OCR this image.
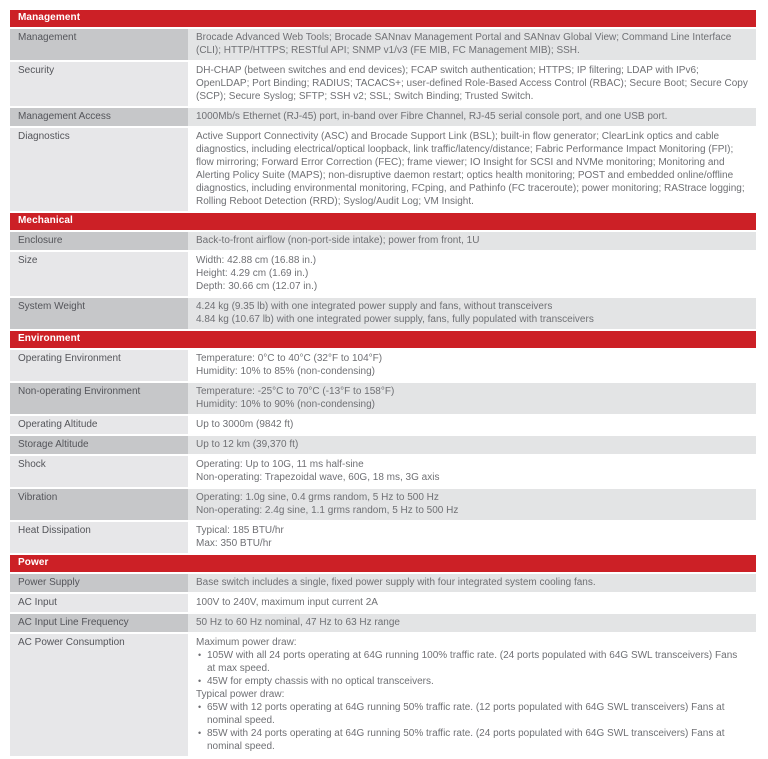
Management
Management	Brocade Advanced Web Tools; Brocade SANnav Management Portal and SANnav Global View; Command Line Interface (CLI); HTTP/HTTPS; RESTful API; SNMP v1/v3 (FE MIB, FC Management MIB); SSH.
Security	DH-CHAP (between switches and end devices); FCAP switch authentication; HTTPS; IP filtering; LDAP with IPv6; OpenLDAP; Port Binding; RADIUS; TACACS+; user-defined Role-Based Access Control (RBAC); Secure Boot; Secure Copy (SCP); Secure Syslog; SFTP; SSH v2; SSL; Switch Binding; Trusted Switch.
Management Access	1000Mb/s Ethernet (RJ-45) port, in-band over Fibre Channel, RJ-45 serial console port, and one USB port.
Diagnostics	Active Support Connectivity (ASC) and Brocade Support Link (BSL); built-in flow generator; ClearLink optics and cable diagnostics, including electrical/optical loopback, link traffic/latency/distance; Fabric Performance Impact Monitoring (FPI); flow mirroring; Forward Error Correction (FEC); frame viewer; IO Insight for SCSI and NVMe monitoring; Monitoring and Alerting Policy Suite (MAPS); non-disruptive daemon restart; optics health monitoring; POST and embedded online/offline diagnostics, including environmental monitoring, FCping, and Pathinfo (FC traceroute); power monitoring; RAStrace logging; Rolling Reboot Detection (RRD); Syslog/Audit Log; VM Insight.
Mechanical
Enclosure	Back-to-front airflow (non-port-side intake); power from front, 1U
Size	Width: 42.88 cm (16.88 in.)
Height: 4.29 cm (1.69 in.)
Depth: 30.66 cm (12.07 in.)
System Weight	4.24 kg (9.35 lb) with one integrated power supply and fans, without transceivers
4.84 kg (10.67 lb) with one integrated power supply, fans, fully populated with transceivers
Environment
Operating Environment	Temperature: 0°C to 40°C (32°F to 104°F)
Humidity: 10% to 85% (non-condensing)
Non-operating Environment	Temperature: -25°C to 70°C (-13°F to 158°F)
Humidity: 10% to 90% (non-condensing)
Operating Altitude	Up to 3000m (9842 ft)
Storage Altitude	Up to 12 km (39,370 ft)
Shock	Operating: Up to 10G, 11 ms half-sine
Non-operating: Trapezoidal wave, 60G, 18 ms, 3G axis
Vibration	Operating: 1.0g sine, 0.4 grms random, 5 Hz to 500 Hz
Non-operating: 2.4g sine, 1.1 grms random, 5 Hz to 500 Hz
Heat Dissipation	Typical: 185 BTU/hr
Max: 350 BTU/hr
Power
Power Supply	Base switch includes a single, fixed power supply with four integrated system cooling fans.
AC Input	100V to 240V, maximum input current 2A
AC Input Line Frequency	50 Hz to 60 Hz nominal, 47 Hz to 63 Hz range
AC Power Consumption	Maximum power draw:
• 105W with all 24 ports operating at 64G running 100% traffic rate. (24 ports populated with 64G SWL transceivers) Fans at max speed.
• 45W for empty chassis with no optical transceivers.
Typical power draw:
• 65W with 12 ports operating at 64G running 50% traffic rate. (12 ports populated with 64G SWL transceivers) Fans at nominal speed.
• 85W with 24 ports operating at 64G running 50% traffic rate. (24 ports populated with 64G SWL transceivers) Fans at nominal speed.
